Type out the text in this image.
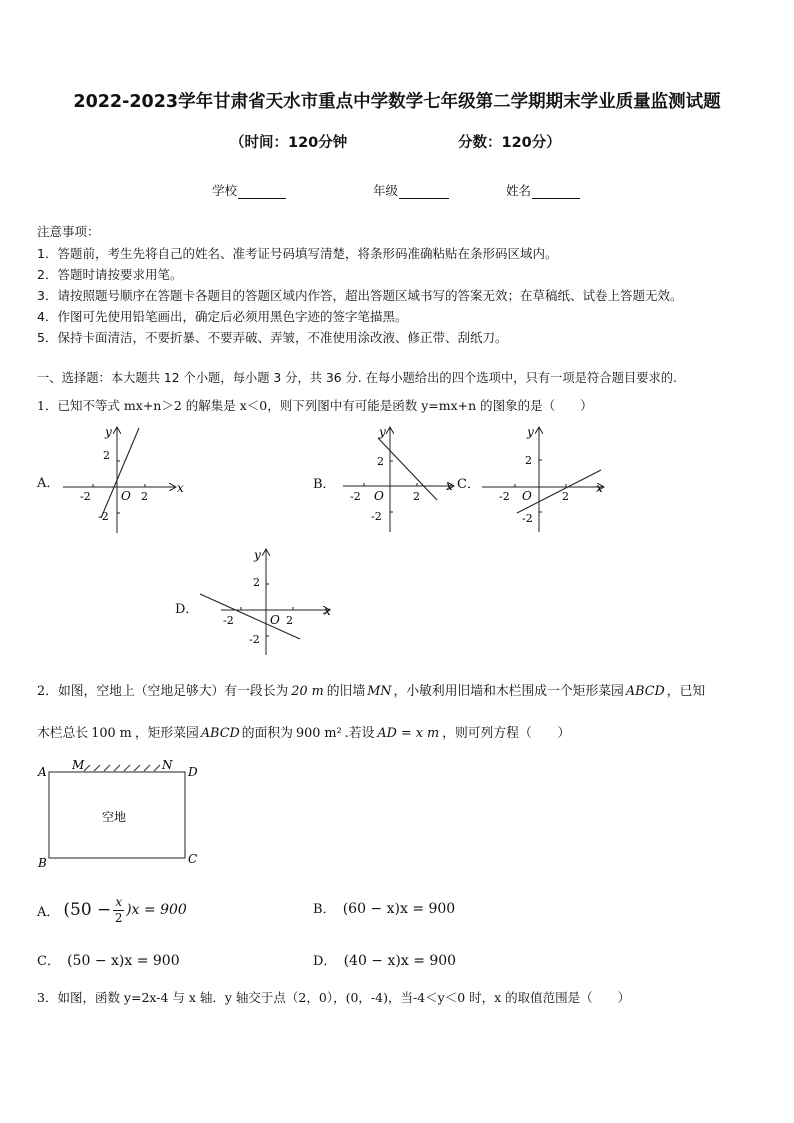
2022-2023学年甘肃省天水市重点中学数学七年级第二学期期末学业质量监测试题
（时间：120分钟	分数：120分）
学校	年级	姓名
注意事项：
1．答题前，考生先将自己的姓名、准考证号码填写清楚，将条形码准确粘贴在条形码区域内。
2．答题时请按要求用笔。
3．请按照题号顺序在答题卡各题目的答题区域内作答，超出答题区域书写的答案无效；在草稿纸、试卷上答题无效。
4．作图可先使用铅笔画出，确定后必须用黑色字迹的签字笔描黑。
5．保持卡面清洁，不要折暴、不要弄破、弄皱，不准使用涂改液、修正带、刮纸刀。
一、选择题：本大题共 12 个小题，每小题 3 分，共 36 分. 在每小题给出的四个选项中，只有一项是符合题目要求的.
1．已知不等式 mx+n＞2 的解集是 x＜0，则下列图中有可能是函数 y=mx+n 的图象的是（　　）
A．	B．	C．
D．
y
x
O
2
2
-2
-2
y
x
O
2
2
-2
-2
y
x
O
2
2
-2
-2
y
x
O
2
2
-2
-2
2．如图，空地上（空地足够大）有一段长为 20 m 的旧墙 MN ，小敏利用旧墙和木栏围成一个矩形菜园 ABCD ，已知
木栏总长 100 m ，矩形菜园 ABCD 的面积为 900 m² .若设 AD = x m ，则可列方程（　　）
A M	N D
B	C
空地
A． $(50 - \frac{x}{2} )x = 900$	B． (60 − x)x = 900
C． (50 − x)x = 900	D． (40 − x)x = 900
3．如图，函数 y=2x-4 与 x 轴．y 轴交于点（2，0），(0，-4)，当-4＜y＜0 时，x 的取值范围是（　　）
